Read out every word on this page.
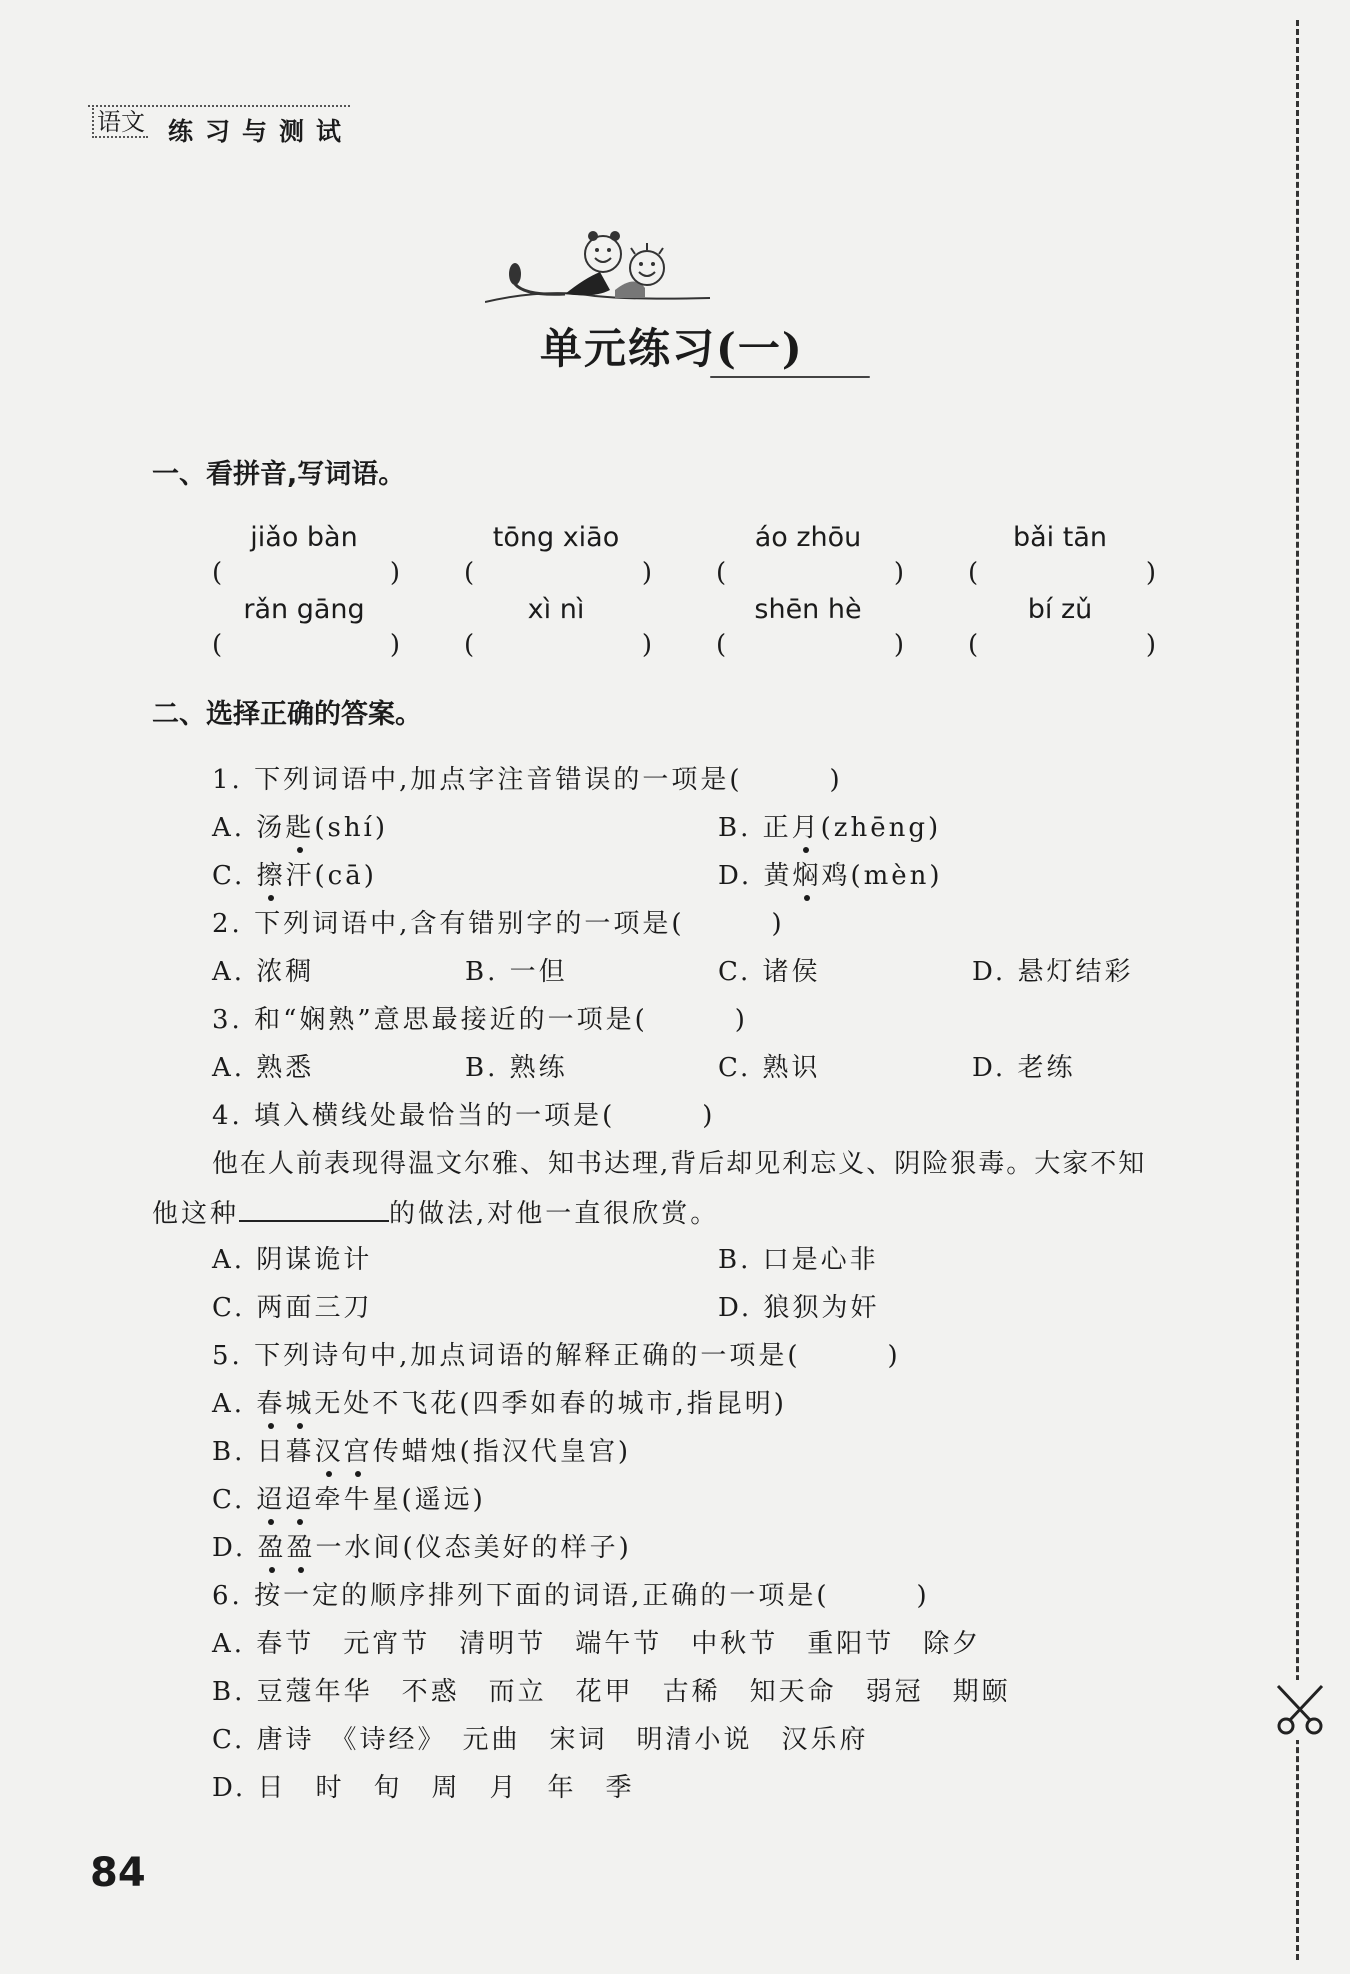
语文 练习与测试
单元练习(一)
一、看拼音,写词语。
jiǎo bàn	tōng xiāo	áo zhōu	bǎi tān
(	) (	) (	) (	)
rǎn gāng	xì nì	shēn hè	bí zǔ
(	) (	) (	) (	)
二、选择正确的答案。
1. 下列词语中,加点字注音错误的一项是(　　　)
A. 汤匙(shí)	B. 正月(zhēng)
C. 擦汗(cā)	D. 黄焖鸡(mèn)
2. 下列词语中,含有错别字的一项是(　　　)
A. 浓稠	B. 一但	C. 诸侯	D. 悬灯结彩
3. 和“娴熟”意思最接近的一项是(　　　)
A. 熟悉	B. 熟练	C. 熟识	D. 老练
4. 填入横线处最恰当的一项是(　　　)
他在人前表现得温文尔雅、知书达理,背后却见利忘义、阴险狠毒。大家不知
他这种	的做法,对他一直很欣赏。
A. 阴谋诡计	B. 口是心非
C. 两面三刀	D. 狼狈为奸
5. 下列诗句中,加点词语的解释正确的一项是(　　　)
A. 春城无处不飞花(四季如春的城市,指昆明)
B. 日暮汉宫传蜡烛(指汉代皇宫)
C. 迢迢牵牛星(遥远)
D. 盈盈一水间(仪态美好的样子)
6. 按一定的顺序排列下面的词语,正确的一项是(　　　)
A. 春节　元宵节　清明节　端午节　中秋节　重阳节　除夕
B. 豆蔻年华　不惑　而立　花甲　古稀　知天命　弱冠　期颐
C. 唐诗　《诗经》　元曲　宋词　明清小说　汉乐府
D. 日　时　旬　周　月　年　季
84
